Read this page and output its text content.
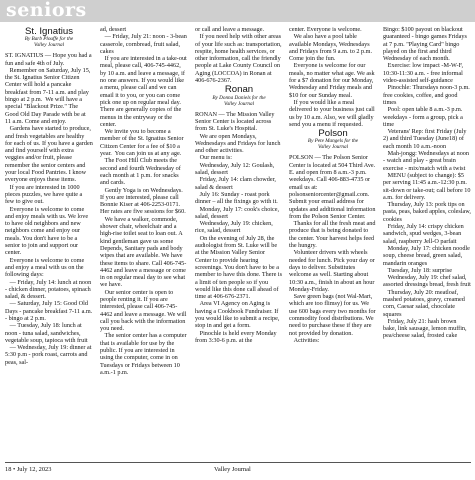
seniors

St. Ignatius

By Barb Plouffe for the
Valley Journal

ST. IGNATIUS — Hope you had a fun and safe 4th of July.
Remember on Saturday, July 15, the St. Ignatius Senior Citizen Center will hold a pancake breakfast from 7-11 a.m. and play bingo at 2 p.m.  We will have a special "Blackout Prize." The Good Old Day Parade with be at 11 a.m. Come and enjoy.
Gardens have started to produce, and fresh vegetables are healthy for each of us. If you have a garden and find yourself with extra veggies and/or fruit, please remember the senior centers and your local Food Pantries. I know everyone enjoys these items.
If you are interested in 1000 pieces puzzles, we have quite a few to give out.
Everyone is welcome to come and enjoy meals with us. We love to have old neighbors and new neighbors come and enjoy our meals. You don't have to be a senior to join and support our center.
Everyone is welcome to come and enjoy a meal with us on the following days:
— Friday, July 14: lunch at noon - chicken dinner, potatoes, spinach salad, & dessert.
— Saturday, July 15: Good Old Days - pancake breakfast 7-11 a.m. - bingo at 2 p.m.
— Tuesday, July 18: lunch at noon - tuna salad, sandwiches, vegetable soup, tapioca with fruit
— Wednesday, July 19: dinner at 5:30 p.m - pork roast, carrots and peas, sal-

ad, dessert
— Friday, July 21: noon - 3-bean casserole, cornbread, fruit salad, cakes
If you are interested in a take-out meal, please call, 406-745-4462, by 10 a.m. and leave a message, if no one answers. If you would like a menu, please call and we can email it to you, or you can come pick one up on regular meal day. There are generally copies of the menus in the entryway or the center.
We invite you to become a member of the St. Ignatius Senior Citizen Center for a fee of $10 a year.  You can join us at any age.
The Foot Hill Club meets the second and fourth Wednesday of each month at 1 p.m. for snacks and cards.
Gently Yoga is on Wednesdays. If you are interested, please call Bonnie Kiser at 406-2253-0171. Her rates are five sessions for $60.
We have a walker, commode, shower chair, wheelchair and a high-rise toilet seat to loan out. A kind gentleman gave us some Depends, Sanitary pads and body wipes that are available. We have these items to share. Call 406-745-4462 and leave a message or come in on regular meal day to see what we have.
Our senior center is open to people renting it. If you are interested, please call 406-745-4462 and leave a message. We will call you back with the information you need.
The senior center has a computer that is available for use by the public. If you are interested in using the computer, come in on Tuesdays or Fridays between 10 a.m.-1 p.m.

or call and leave a message.
If you need help with other areas of your life such as: transportation, respite, home health services, or  other information, call the friendly people at Lake County Council on Aging (LOCCOA) in Ronan at  406-676-2367.

Ronan

By Donna Daniels for the
Valley Journal

RONAN — The Mission Valley Senior Center is located across from St. Luke's Hospital.
We are open Mondays, Wednesdays and Fridays for lunch and other activities.
Our menu is:
Wednesday, July 12: Goulash, salad, dessert
Friday, July 14: clam chowder, salad & dessert
July 16: Sunday - roast pork dinner – all the fixings go with it.
Monday, July 17: cook's choice, salad, dessert
Wednesday, July 19: chicken, rice, salad, dessert
On the evening of July 28, the audiologist from St. Luke will be at the Mission Valley Senior Center to provide hearing screenings. You don't have to be a member to have this done. There is a limit of ten people so if you would like this done call ahead of time at 406-676-2371.
Area VI Agency on Aging is having a Cookbook Fundraiser. If you would like to submit a recipe, stop in and get a form.
Pinochle is held every Monday from 3:30-6 p.m. at the

center. Everyone is welcome.
We also have a pool table available Mondays, Wednesdays and Fridays from 9 a.m. to 2 p.m. Come join the fun.
Everyone is welcome for our meals, no matter what age. We ask for a $7 donation for our Monday, Wednesday and Friday meals and $10 for our Sunday meal.
If you would like a meal delivered to your business just call us by 10 a.m. Also, we will gladly send you a menu if requested.

Polson

By Pete Mangels for the
Valley Journal

POLSON — The Polson Senior Center is located at 504 Third Ave. E. and open from 8 a.m.-3 p.m. weekdays. Call 406-883-4735 or email us at: polsonseniorcenter@gmail.com. Submit your email address for updates and additional information from the Polson Senior Center.
Thanks for all the fresh meat and produce that is being donated to the center. Your harvest helps feed the hungry.
Volunteer drivers with wheels needed for lunch. Pick your day or days to deliver. Substitutes welcome as well. Starting about 10:30 a.m., finish in about an hour Monday-Friday.
Save green bags (not Wal-Mart, which are too flimsy) for us. We use 600 bags every two months for commodity food distributions. We need to purchase these if they are not provided by donation.
Activities:

Bingo: $100 payout on blackout guaranteed - bingo games Fridays at 7 p.m. "Playing Card" bingo played on the first and third Wednesday of each month.
Exercise: low impact -M-W-F, 10:30-11:30 a.m. - free informal video-assisted self-guidance
Pinochle: Thursdays noon-3 p.m. free cookies, coffee, and good times
Pool: open table 8 a.m.-3 p.m. weekdays - form a group, pick a time
Veterans' Rep: first Friday (July 2) and third Tuesday (June18) of each month 10 a.m.-noon
Mah-jongg: Wednesdays at noon - watch and play - great brain exercise - mix/match with a twist
MENU (subject to change): $5 per serving 11:45 a.m.-12:30 p.m. sit-down or take-out; call before 10 a.m. for delivery.
Thursday, July 13: pork tips on pasta, peas, baked apples, coleslaw, cookies
Friday, July 14: crispy chicken sandwich, spud wedges, 3-bean salad, raspberry Jell-O parfait
Monday, July 17: chicken noodle soup, cheese bread, green salad, mandarin oranges
Tuesday, July 18: surprise
Wednesday, July 19: chef salad, assorted dressings bread, fresh fruit
Thursday, July 20: meatloaf, mashed potatoes, gravy, creamed corn, Caesar salad, chocolate squares
Friday, July 21: hash brown bake, link sausage, lemon muffin, pea/cheese salad, frosted cake

18 • July 12, 2023	Valley Journal
